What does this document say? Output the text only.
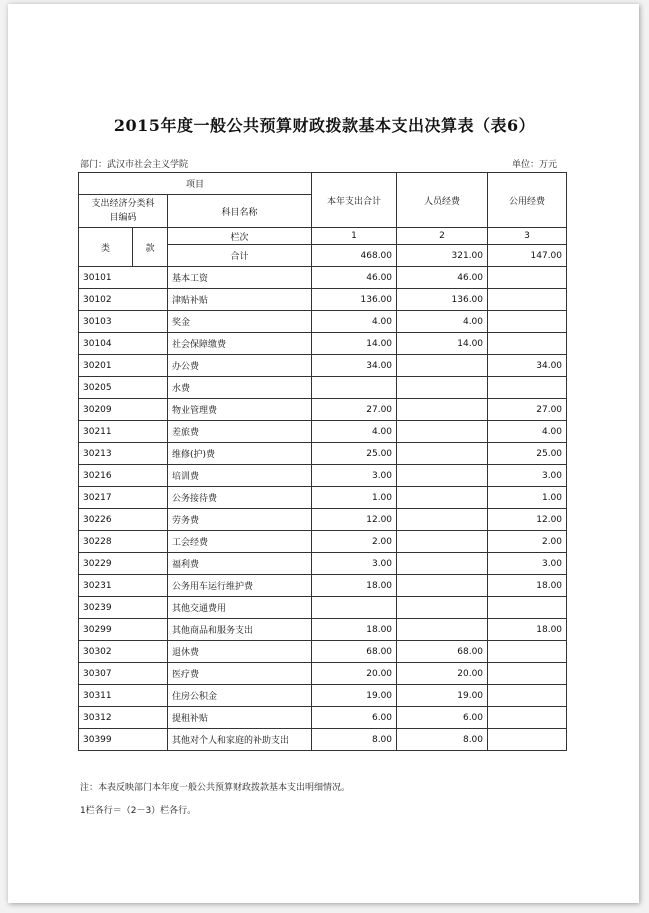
2015年度一般公共预算财政拨款基本支出决算表（表6）
部门：武汉市社会主义学院	单位：万元
项目		本年支出合计	人员经费	公用经费
支出经济分类科目编码	科目名称			

类 款	栏次	1	2	3
	合计	468.00	321.00	147.00
30101	基本工资	46.00	46.00	
30102	津贴补贴	136.00	136.00	
30103	奖金	4.00	4.00	
30104	社会保障缴费	14.00	14.00	
30201	办公费	34.00		34.00
30205	水费			
30209	物业管理费	27.00		27.00
30211	差旅费	4.00		4.00
30213	维修(护)费	25.00		25.00
30216	培训费	3.00		3.00
30217	公务接待费	1.00		1.00
30226	劳务费	12.00		12.00
30228	工会经费	2.00		2.00
30229	福利费	3.00		3.00
30231	公务用车运行维护费	18.00		18.00
30239	其他交通费用			
30299	其他商品和服务支出	18.00		18.00
30302	退休费	68.00	68.00	
30307	医疗费	20.00	20.00	
30311	住房公积金	19.00	19.00	
30312	提租补贴	6.00	6.00	
30399	其他对个人和家庭的补助支出	8.00	8.00	
注：本表反映部门本年度一般公共预算财政拨款基本支出明细情况。
1栏各行＝（2－3）栏各行。
